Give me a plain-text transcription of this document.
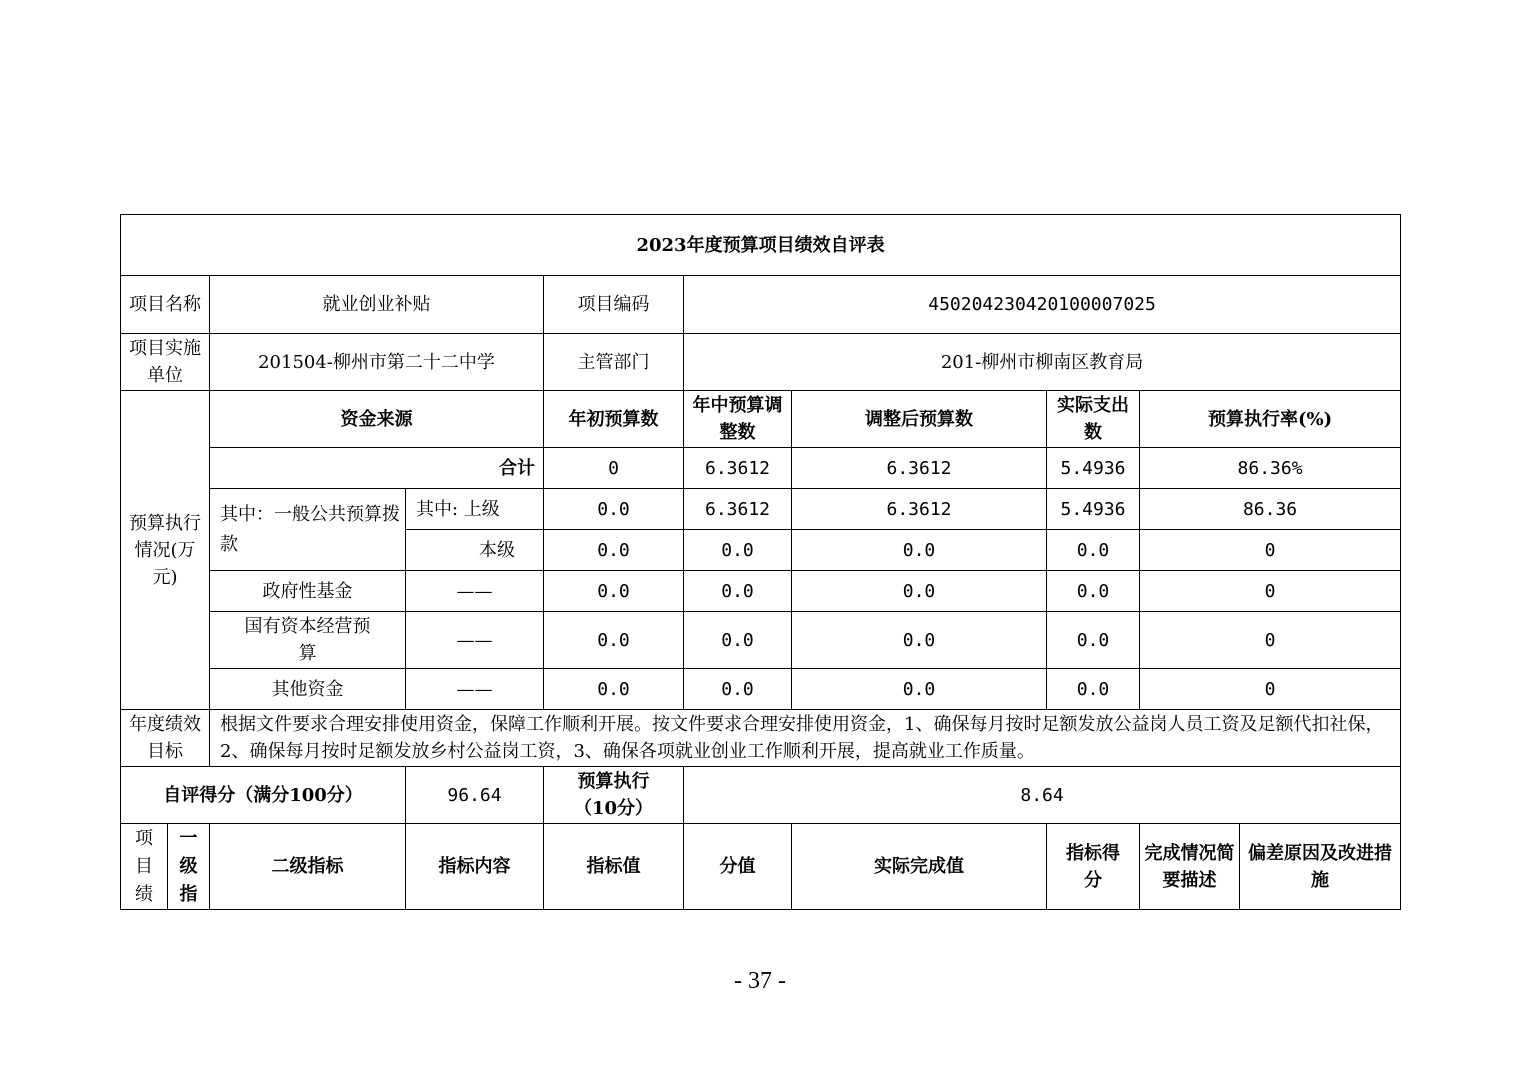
2023年度预算项目绩效自评表									
项目名称		就业创业补贴		项目编码	450204230420100007025				
项目实施单位		201504-柳州市第二十二中学		主管部门	201-柳州市柳南区教育局				
预算执行情况(万元)		资金来源		年初预算数	年中预算调整数	调整后预算数	实际支出数	预算执行率(%)	
		合计		0	6.3612	6.3612	5.4936	86.36%	
		其中：一般公共预算拨款	其中: 上级	0.0	6.3612	6.3612	5.4936	86.36	
			本级	0.0	0.0	0.0	0.0	0	
		政府性基金	——	0.0	0.0	0.0	0.0	0	
		国有资本经营预算	——	0.0	0.0	0.0	0.0	0	
		其他资金	——	0.0	0.0	0.0	0.0	0	
年度绩效目标		根据文件要求合理安排使用资金，保障工作顺利开展。按文件要求合理安排使用资金，1、确保每月按时足额发放公益岗人员工资及足额代扣社保，2、确保每月按时足额发放乡村公益岗工资，3、确保各项就业创业工作顺利开展，提高就业工作质量。							
自评得分（满分100分）			96.64	预算执行（10分）	8.64				
项目绩	一级指	二级指标	指标内容	指标值	分值	实际完成值	指标得分	完成情况简要描述	偏差原因及改进措施
- 37 -
